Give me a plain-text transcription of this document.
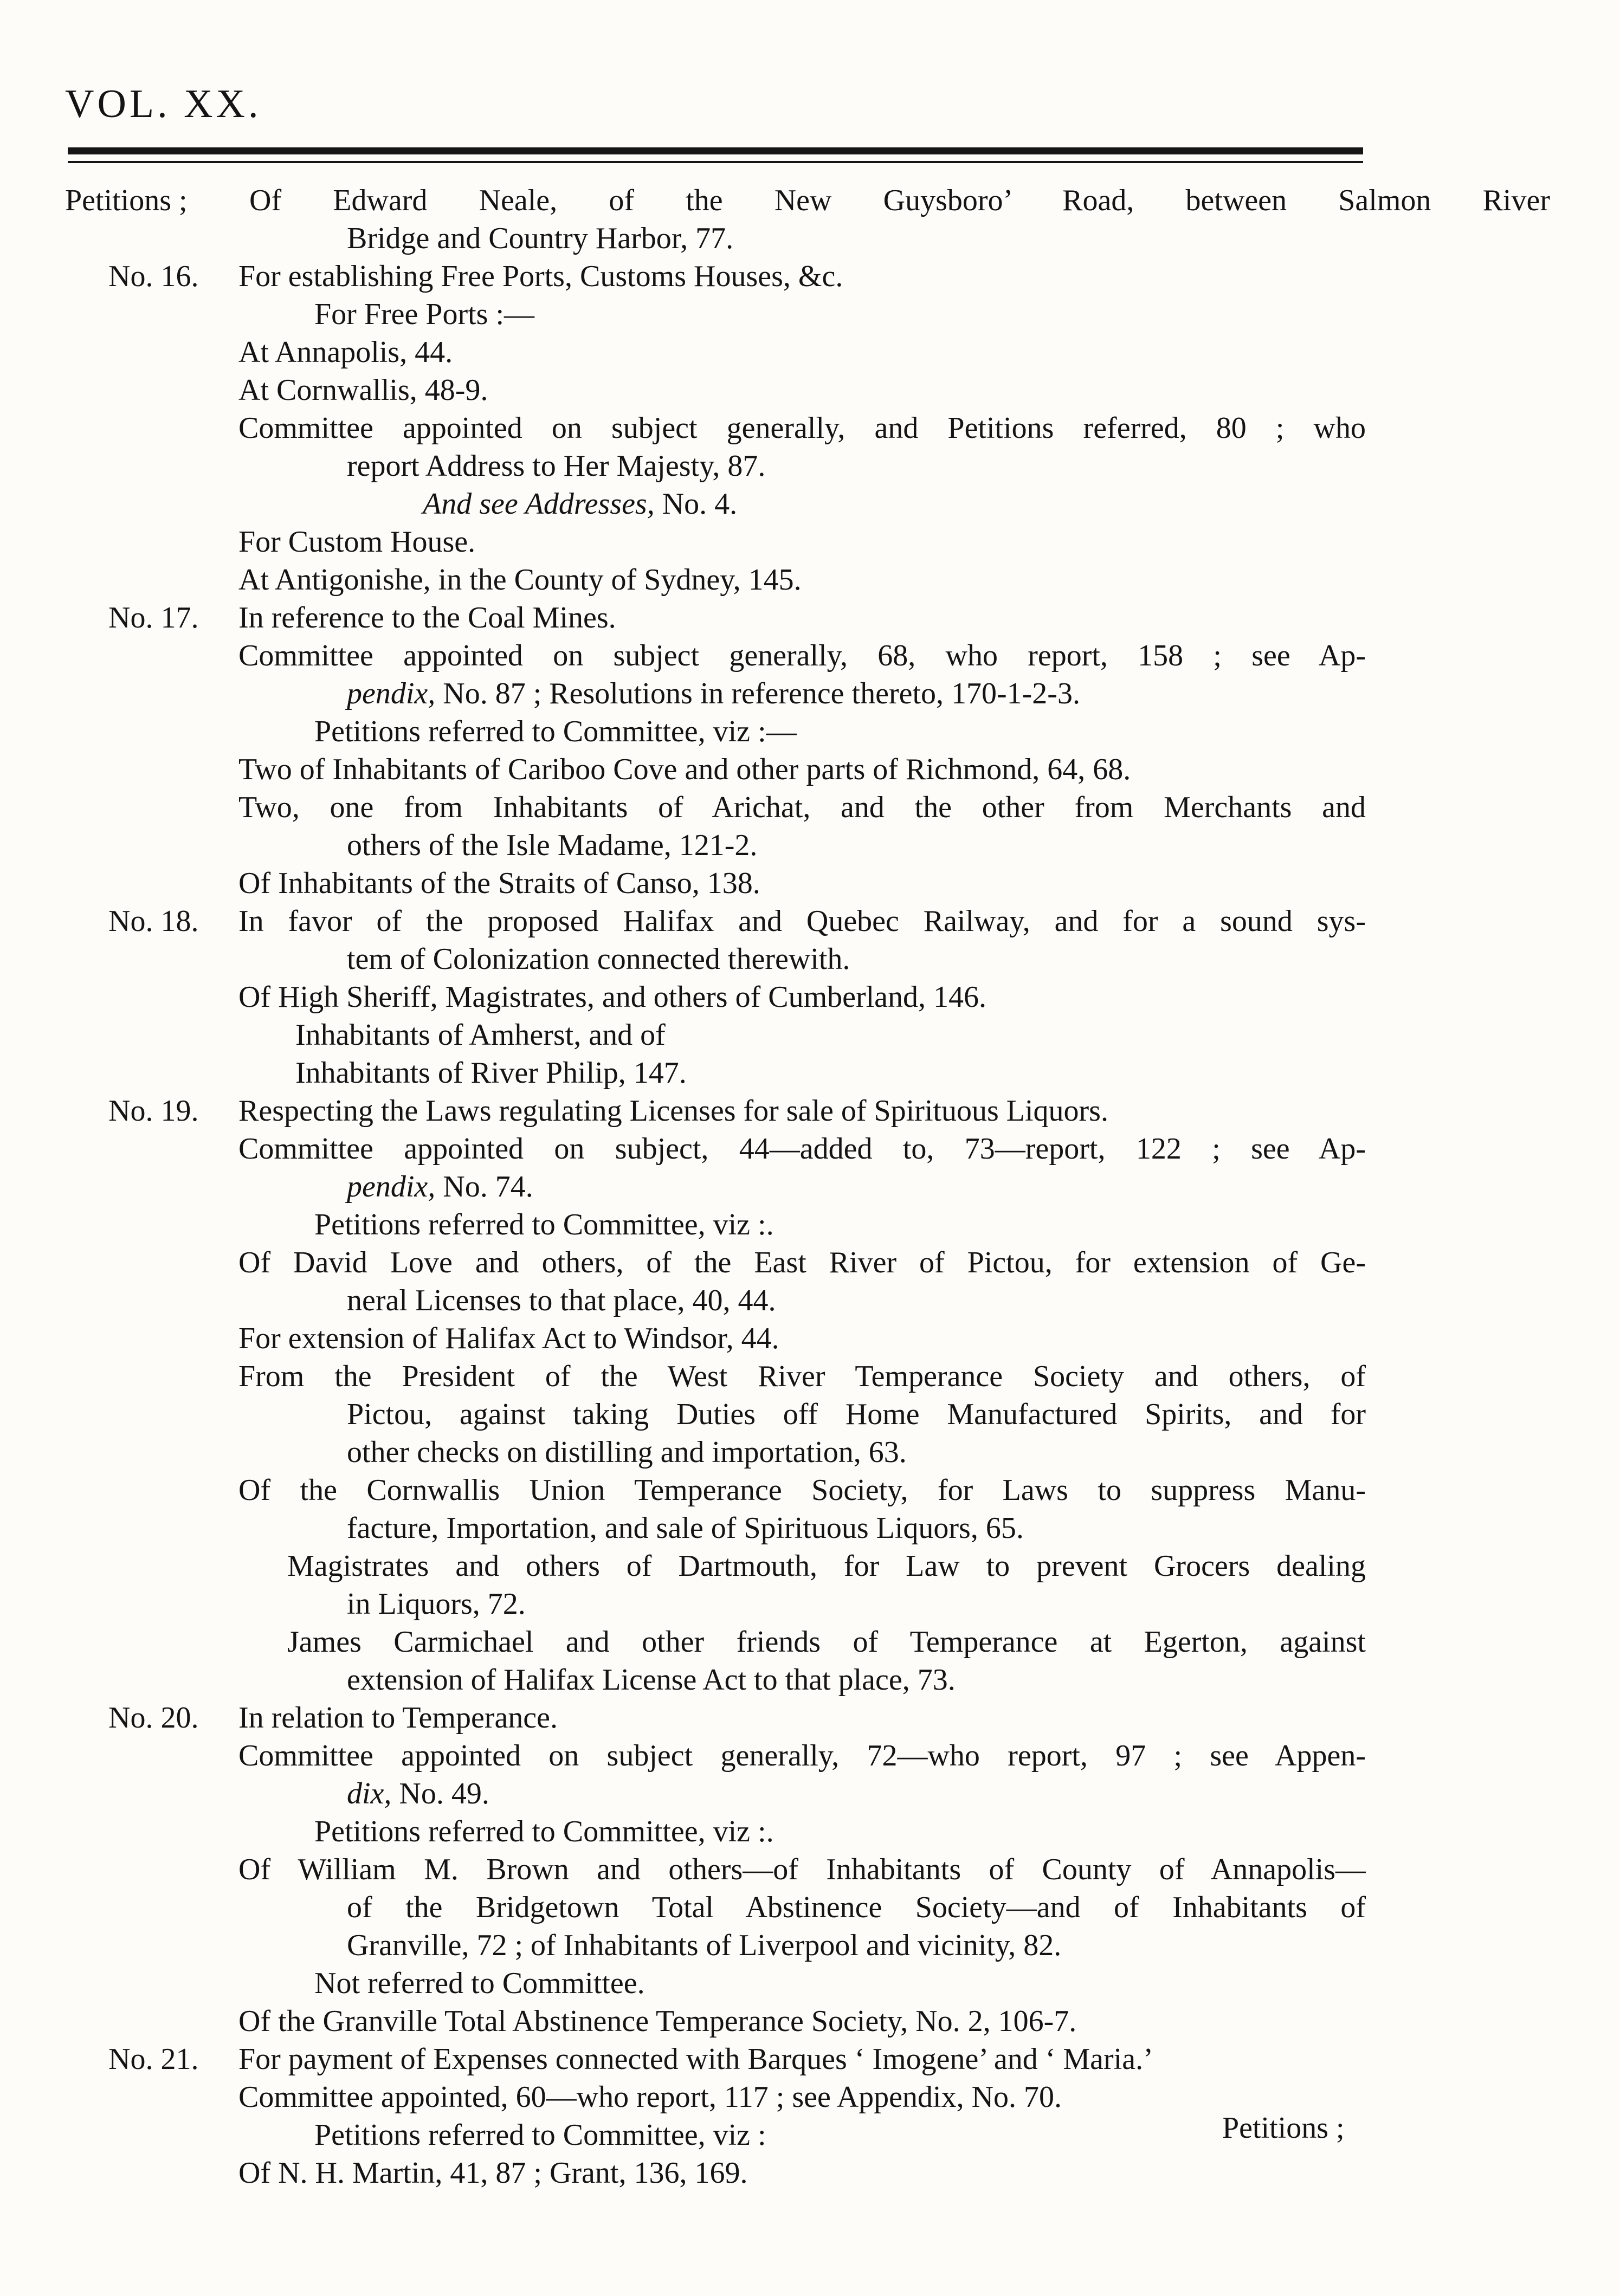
VOL. XX.
Petitions ; Of Edward Neale, of the New Guysboro’ Road, between Salmon River
Bridge and Country Harbor, 77.
No. 16. For establishing Free Ports, Customs Houses, &c.
For Free Ports :—
At Annapolis, 44.
At Cornwallis, 48-9.
Committee appointed on subject generally, and Petitions referred, 80 ; who
report Address to Her Majesty, 87.
And see Addresses, No. 4.
For Custom House.
At Antigonishe, in the County of Sydney, 145.
No. 17. In reference to the Coal Mines.
Committee appointed on subject generally, 68, who report, 158 ; see Ap-
pendix, No. 87 ; Resolutions in reference thereto, 170-1-2-3.
Petitions referred to Committee, viz :—
Two of Inhabitants of Cariboo Cove and other parts of Richmond, 64, 68.
Two, one from Inhabitants of Arichat, and the other from Merchants and
others of the Isle Madame, 121-2.
Of Inhabitants of the Straits of Canso, 138.
No. 18. In favor of the proposed Halifax and Quebec Railway, and for a sound sys-
tem of Colonization connected therewith.
Of High Sheriff, Magistrates, and others of Cumberland, 146.
Inhabitants of Amherst, and of
Inhabitants of River Philip, 147.
No. 19. Respecting the Laws regulating Licenses for sale of Spirituous Liquors.
Committee appointed on subject, 44—added to, 73—report, 122 ; see Ap-
pendix, No. 74.
Petitions referred to Committee, viz :.
Of David Love and others, of the East River of Pictou, for extension of Ge-
neral Licenses to that place, 40, 44.
For extension of Halifax Act to Windsor, 44.
From the President of the West River Temperance Society and others, of
Pictou, against taking Duties off Home Manufactured Spirits, and for
other checks on distilling and importation, 63.
Of the Cornwallis Union Temperance Society, for Laws to suppress Manu-
facture, Importation, and sale of Spirituous Liquors, 65.
Magistrates and others of Dartmouth, for Law to prevent Grocers dealing
in Liquors, 72.
James Carmichael and other friends of Temperance at Egerton, against
extension of Halifax License Act to that place, 73.
No. 20. In relation to Temperance.
Committee appointed on subject generally, 72—who report, 97 ; see Appen-
dix, No. 49.
Petitions referred to Committee, viz :.
Of William M. Brown and others—of Inhabitants of County of Annapolis—
of the Bridgetown Total Abstinence Society—and of Inhabitants of
Granville, 72 ; of Inhabitants of Liverpool and vicinity, 82.
Not referred to Committee.
Of the Granville Total Abstinence Temperance Society, No. 2, 106-7.
No. 21. For payment of Expenses connected with Barques ‘ Imogene’ and ‘ Maria.’
Committee appointed, 60—who report, 117 ; see Appendix, No. 70.
Petitions referred to Committee, viz :
Of N. H. Martin, 41, 87 ; Grant, 136, 169.
Petitions ;
